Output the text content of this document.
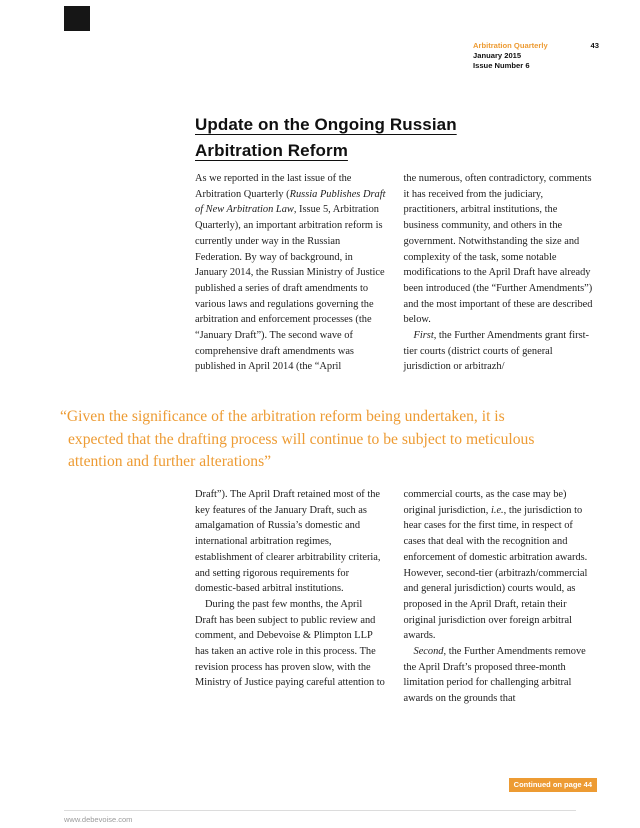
Arbitration Quarterly
January 2015
Issue Number 6
43
Update on the Ongoing Russian
Arbitration Reform

As we reported in the last issue of the Arbitration Quarterly (Russia Publishes Draft of New Arbitration Law, Issue 5, Arbitration Quarterly), an important arbitration reform is currently under way in the Russian Federation. By way of background, in January 2014, the Russian Ministry of Justice published a series of draft amendments to various laws and regulations governing the arbitration and enforcement processes (the “January Draft”). The second wave of comprehensive draft amendments was published in April 2014 (the “April

the numerous, often contradictory, comments it has received from the judiciary, practitioners, arbitral institutions, the business community, and others in the government. Notwithstanding the size and complexity of the task, some notable modifications to the April Draft have already been introduced (the “Further Amendments”) and the most important of these are described below.

First, the Further Amendments grant first-tier courts (district courts of general jurisdiction or arbitrazh/

“Given the significance of the arbitration reform being undertaken, it is expected that the drafting process will continue to be subject to meticulous attention and further alterations”

Draft”). The April Draft retained most of the key features of the January Draft, such as amalgamation of Russia’s domestic and international arbitration regimes, establishment of clearer arbitrability criteria, and setting rigorous requirements for domestic-based arbitral institutions.

During the past few months, the April Draft has been subject to public review and comment, and Debevoise & Plimpton LLP has taken an active role in this process. The revision process has proven slow, with the Ministry of Justice paying careful attention to

commercial courts, as the case may be) original jurisdiction, i.e., the jurisdiction to hear cases for the first time, in respect of cases that deal with the recognition and enforcement of domestic arbitration awards. However, second-tier (arbitrazh/commercial and general jurisdiction) courts would, as proposed in the April Draft, retain their original jurisdiction over foreign arbitral awards.

Second, the Further Amendments remove the April Draft’s proposed three-month limitation period for challenging arbitral awards on the grounds that

Continued on page 44
www.debevoise.com
